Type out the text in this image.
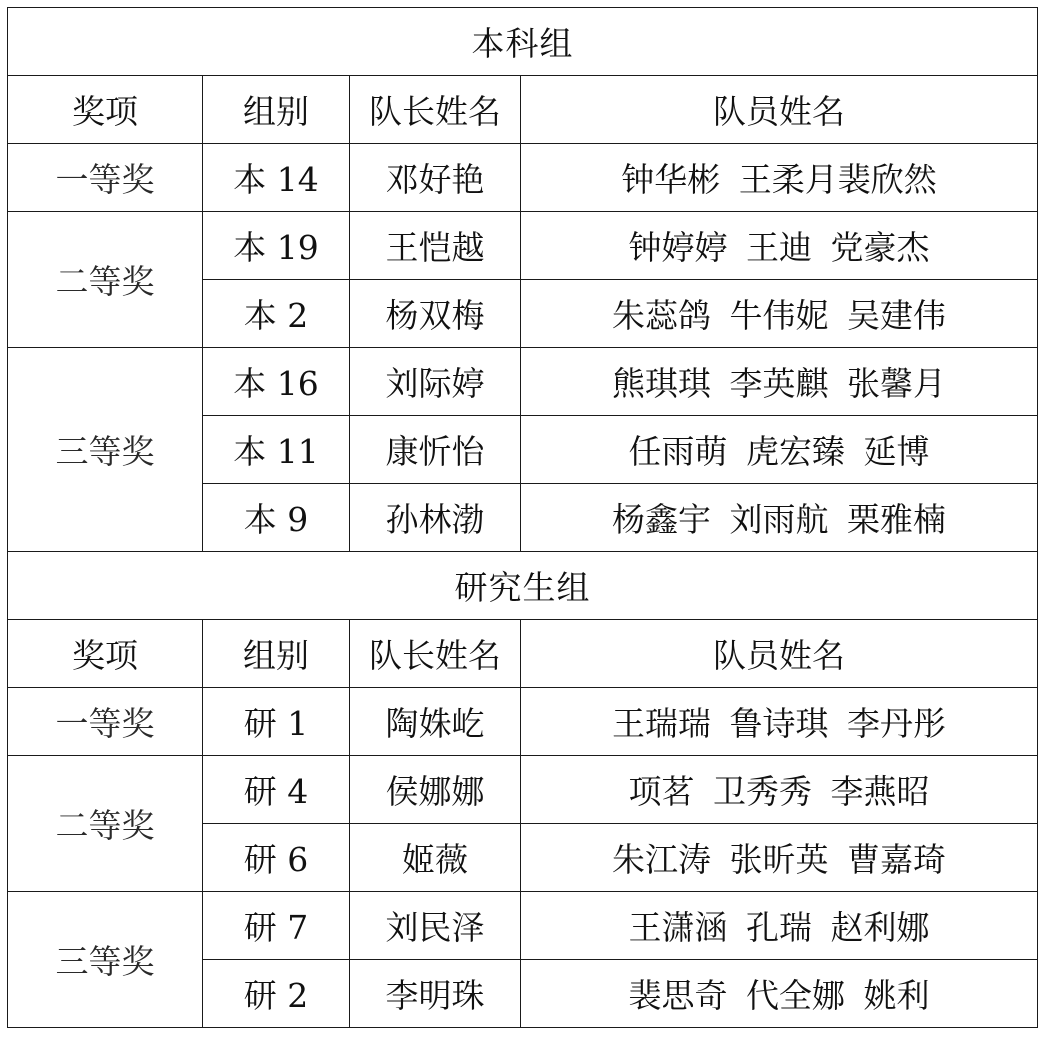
本科组			
奖项	组别	队长姓名	队员姓名
一等奖	本 14	邓好艳	钟华彬 王柔月裴欣然
二等奖	本 19	王恺越	钟婷婷 王迪 党豪杰
	本 2	杨双梅	朱蕊鸽 牛伟妮 吴建伟
三等奖	本 16	刘际婷	熊琪琪 李英麒 张馨月
	本 11	康忻怡	任雨萌 虎宏臻 延博
	本 9	孙林渤	杨鑫宇 刘雨航 栗雅楠
研究生组			
奖项	组别	队长姓名	队员姓名
一等奖	研 1	陶姝屹	王瑞瑞 鲁诗琪 李丹彤
二等奖	研 4	侯娜娜	项茗 卫秀秀 李燕昭
	研 6	姬薇	朱江涛 张昕英 曹嘉琦
三等奖	研 7	刘民泽	王潇涵 孔瑞 赵利娜
	研 2	李明珠	裴思奇 代全娜 姚利
